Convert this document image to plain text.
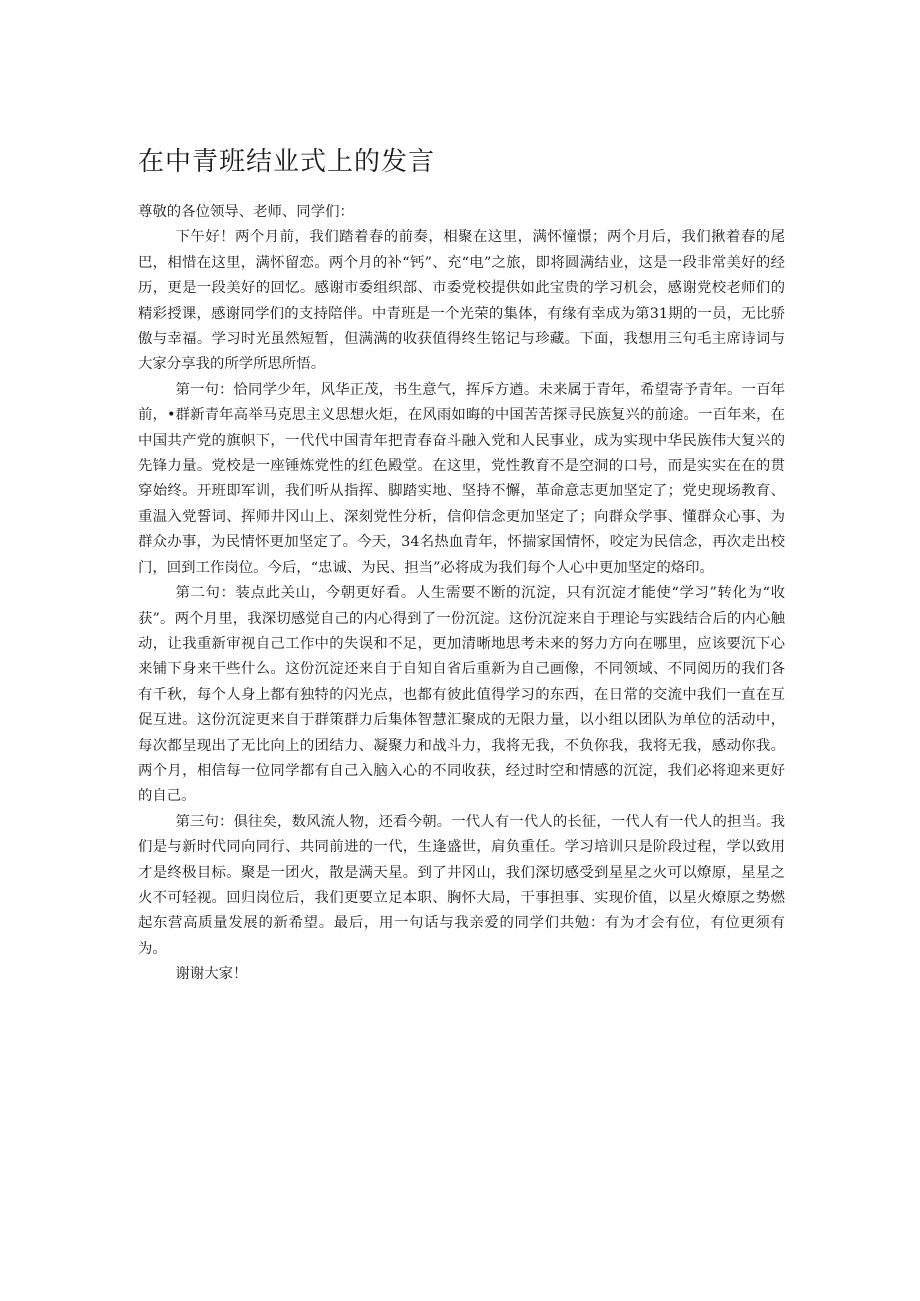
在中青班结业式上的发言

尊敬的各位领导、老师、同学们：

下午好！两个月前，我们踏着春的前奏，相聚在这里，满怀憧憬；两个月后，我们揪着春的尾巴，相惜在这里，满怀留恋。两个月的补“钙”、充“电”之旅，即将圆满结业，这是一段非常美好的经历，更是一段美好的回忆。感谢市委组织部、市委党校提供如此宝贵的学习机会，感谢党校老师们的精彩授课，感谢同学们的支持陪伴。中青班是一个光荣的集体，有缘有幸成为第31期的一员，无比骄傲与幸福。学习时光虽然短暂，但满满的收获值得终生铭记与珍藏。下面，我想用三句毛主席诗词与大家分享我的所学所思所悟。

第一句：恰同学少年，风华正茂，书生意气，挥斥方遒。未来属于青年，希望寄予青年。一百年前，•群新青年高举马克思主义思想火炬，在风雨如晦的中国苦苦探寻民族复兴的前途。一百年来，在中国共产党的旗帜下，一代代中国青年把青春奋斗融入党和人民事业，成为实现中华民族伟大复兴的先锋力量。党校是一座锤炼党性的红色殿堂。在这里，党性教育不是空洞的口号，而是实实在在的贯穿始终。开班即军训，我们听从指挥、脚踏实地、坚持不懈，革命意志更加坚定了；党史现场教育、重温入党誓词、挥师井冈山上、深刻党性分析，信仰信念更加坚定了；向群众学事、懂群众心事、为群众办事，为民情怀更加坚定了。今天，34名热血青年，怀揣家国情怀，咬定为民信念，再次走出校门，回到工作岗位。今后，“忠诚、为民、担当”必将成为我们每个人心中更加坚定的烙印。

第二句：装点此关山，今朝更好看。人生需要不断的沉淀，只有沉淀才能使“学习”转化为“收获”。两个月里，我深切感觉自己的内心得到了一份沉淀。这份沉淀来自于理论与实践结合后的内心触动，让我重新审视自己工作中的失误和不足，更加清晰地思考未来的努力方向在哪里，应该要沉下心来铺下身来干些什么。这份沉淀还来自于自知自省后重新为自己画像，不同领域、不同阅历的我们各有千秋，每个人身上都有独特的闪光点，也都有彼此值得学习的东西，在日常的交流中我们一直在互促互进。这份沉淀更来自于群策群力后集体智慧汇聚成的无限力量，以小组以团队为单位的活动中，每次都呈现出了无比向上的团结力、凝聚力和战斗力，我将无我，不负你我，我将无我，感动你我。两个月，相信每一位同学都有自己入脑入心的不同收获，经过时空和情感的沉淀，我们必将迎来更好的自己。

第三句：俱往矣，数风流人物，还看今朝。一代人有一代人的长征，一代人有一代人的担当。我们是与新时代同向同行、共同前进的一代，生逢盛世，肩负重任。学习培训只是阶段过程，学以致用才是终极目标。聚是一团火，散是满天星。到了井冈山，我们深切感受到星星之火可以燎原，星星之火不可轻视。回归岗位后，我们更要立足本职、胸怀大局，干事担事、实现价值，以星火燎原之势燃起东营高质量发展的新希望。最后，用一句话与我亲爱的同学们共勉：有为才会有位，有位更须有为。

谢谢大家！
